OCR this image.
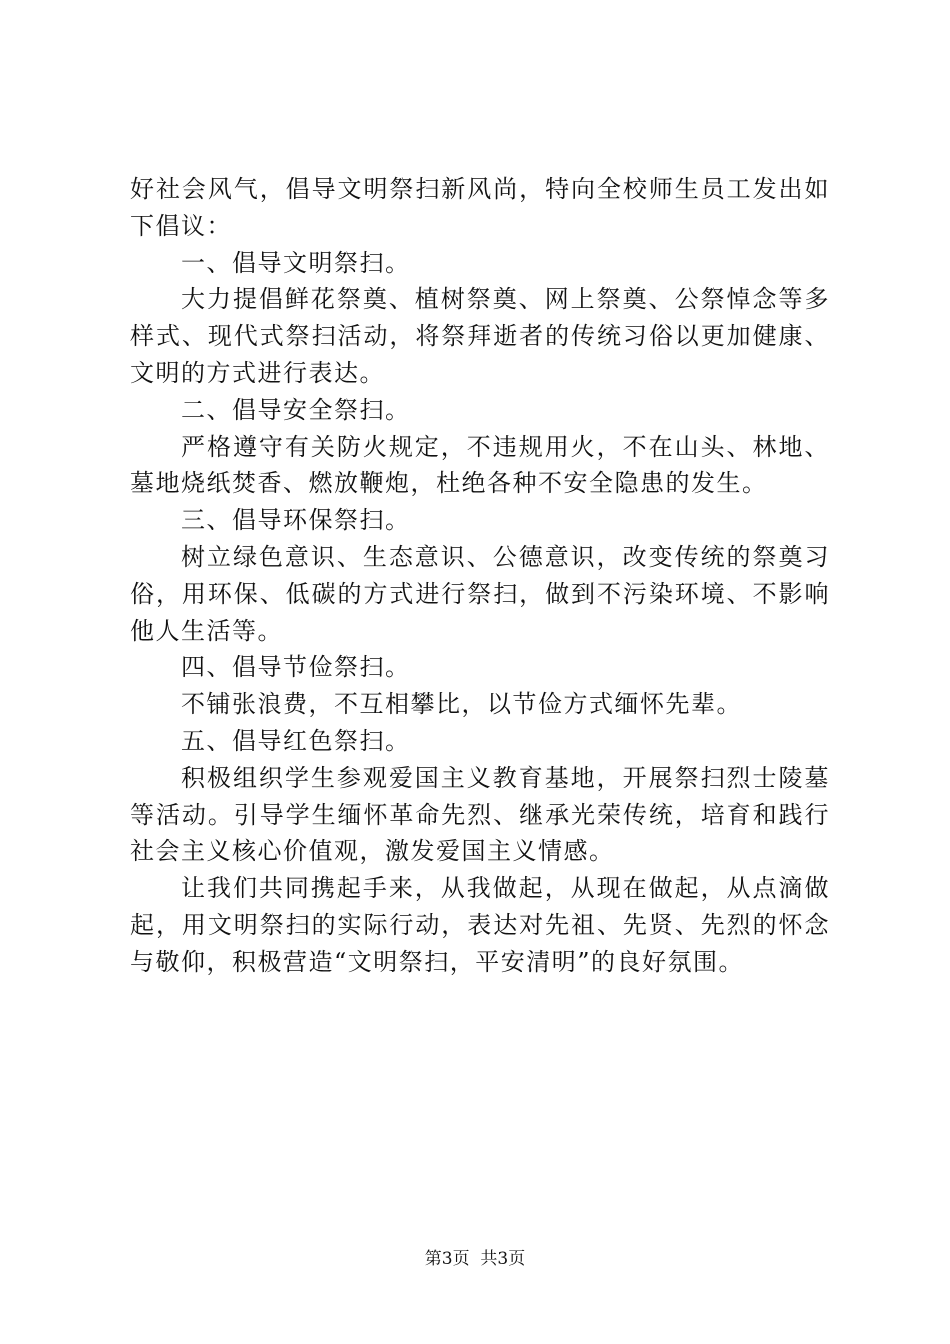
好社会风气，倡导文明祭扫新风尚，特向全校师生员工发出如下倡议：

一、倡导文明祭扫。

大力提倡鲜花祭奠、植树祭奠、网上祭奠、公祭悼念等多样式、现代式祭扫活动，将祭拜逝者的传统习俗以更加健康、文明的方式进行表达。

二、倡导安全祭扫。

严格遵守有关防火规定，不违规用火，不在山头、林地、墓地烧纸焚香、燃放鞭炮，杜绝各种不安全隐患的发生。

三、倡导环保祭扫。

树立绿色意识、生态意识、公德意识，改变传统的祭奠习俗，用环保、低碳的方式进行祭扫，做到不污染环境、不影响他人生活等。

四、倡导节俭祭扫。

不铺张浪费，不互相攀比，以节俭方式缅怀先辈。

五、倡导红色祭扫。

积极组织学生参观爱国主义教育基地，开展祭扫烈士陵墓等活动。引导学生缅怀革命先烈、继承光荣传统，培育和践行社会主义核心价值观，激发爱国主义情感。

让我们共同携起手来，从我做起，从现在做起，从点滴做起，用文明祭扫的实际行动，表达对先祖、先贤、先烈的怀念与敬仰，积极营造“文明祭扫，平安清明”的良好氛围。

第3页 共3页
